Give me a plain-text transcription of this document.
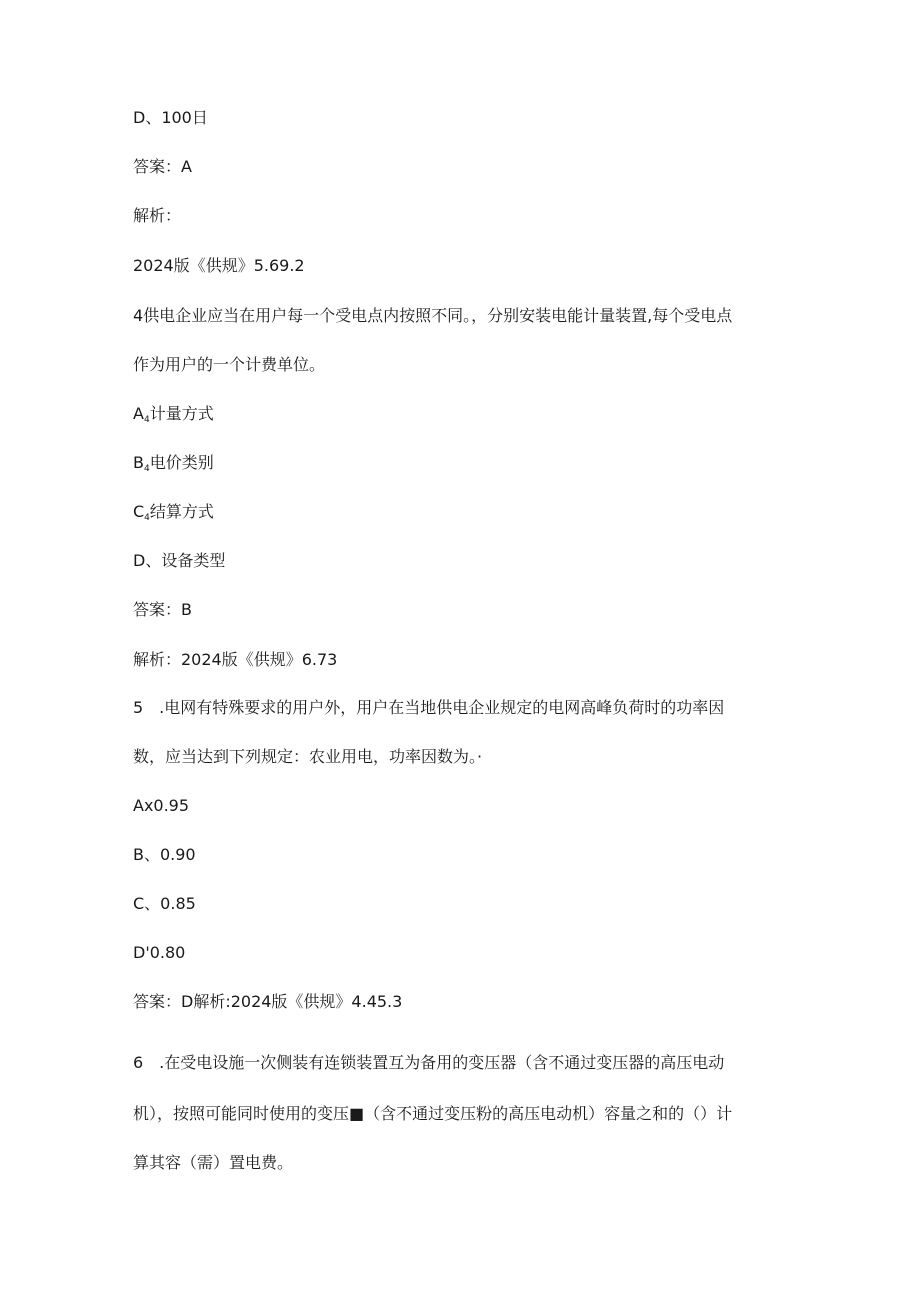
D、100日
答案：A
解析：
2024版《供规》5.69.2
4供电企业应当在用户每一个受电点内按照不同。，分别安装电能计量装置,每个受电点
作为用户的一个计费单位。
$A_4$计量方式
$B_4$电价类别
$C_4$结算方式
D、设备类型
答案：B
解析：2024版《供规》6.73
5　.电网有特殊要求的用户外，用户在当地供电企业规定的电网高峰负荷时的功率因
数，应当达到下列规定：农业用电，功率因数为。·
Ax0.95
B、0.90
C、0.85
D'0.80
答案：D解析:2024版《供规》4.45.3
6　.在受电设施一次侧装有连锁装置互为备用的变压器（含不通过变压器的高压电动
机），按照可能同时使用的变压■（含不通过变压粉的高压电动机）容量之和的（）计
算其容（需）置电费。
